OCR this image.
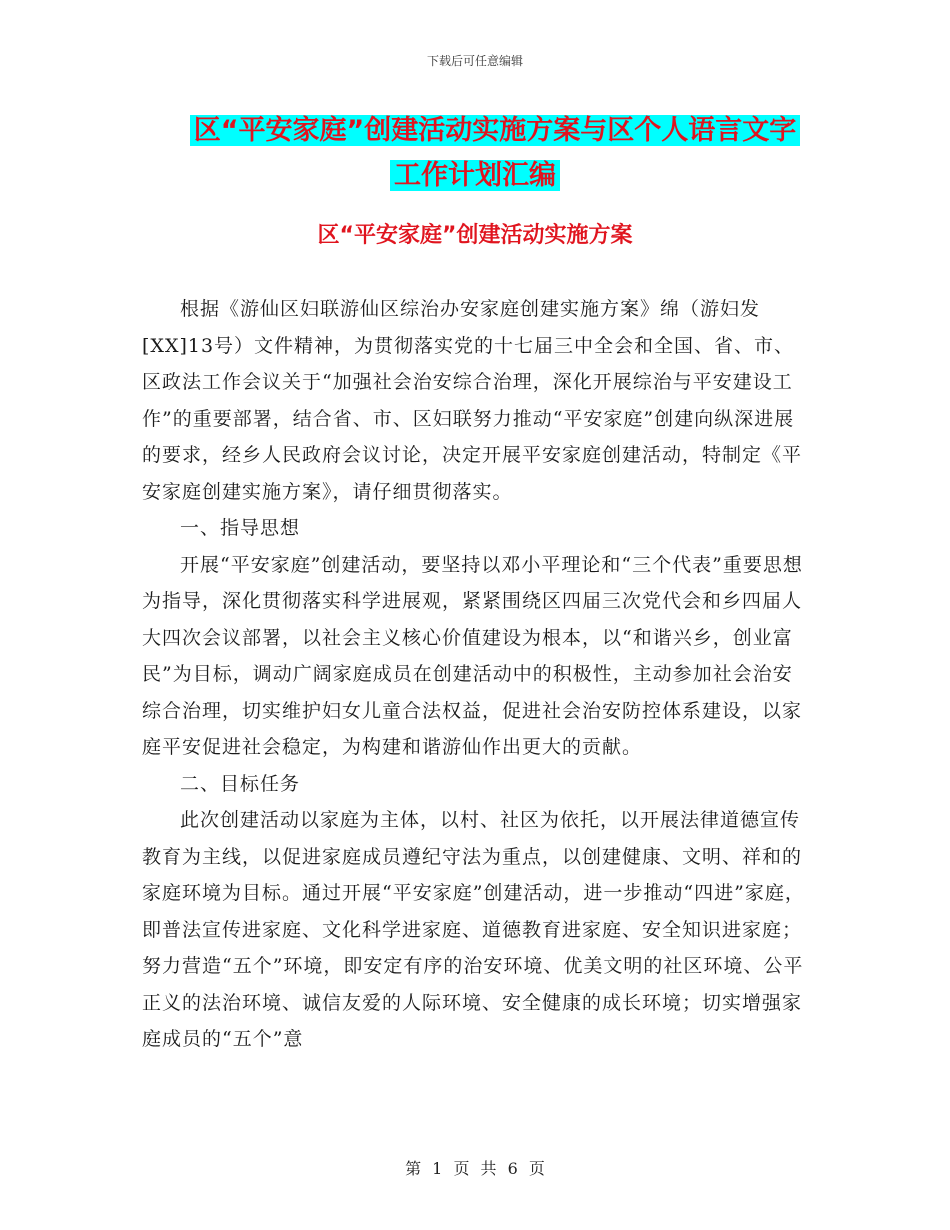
下载后可任意编辑
区“平安家庭”创建活动实施方案与区个人语言文字
工作计划汇编
区“平安家庭”创建活动实施方案

根据《游仙区妇联游仙区综治办安家庭创建实施方案》绵（游妇发[XX]13号）文件精神，为贯彻落实党的十七届三中全会和全国、省、市、区政法工作会议关于“加强社会治安综合治理，深化开展综治与平安建设工作”的重要部署，结合省、市、区妇联努力推动“平安家庭”创建向纵深进展的要求，经乡人民政府会议讨论，决定开展平安家庭创建活动，特制定《平安家庭创建实施方案》，请仔细贯彻落实。

一、指导思想

开展“平安家庭”创建活动，要坚持以邓小平理论和“三个代表”重要思想为指导，深化贯彻落实科学进展观，紧紧围绕区四届三次党代会和乡四届人大四次会议部署，以社会主义核心价值建设为根本，以“和谐兴乡，创业富民”为目标，调动广阔家庭成员在创建活动中的积极性，主动参加社会治安综合治理，切实维护妇女儿童合法权益，促进社会治安防控体系建设，以家庭平安促进社会稳定，为构建和谐游仙作出更大的贡献。

二、目标任务

此次创建活动以家庭为主体，以村、社区为依托，以开展法律道德宣传教育为主线，以促进家庭成员遵纪守法为重点，以创建健康、文明、祥和的家庭环境为目标。通过开展“平安家庭”创建活动，进一步推动“四进”家庭，即普法宣传进家庭、文化科学进家庭、道德教育进家庭、安全知识进家庭；努力营造“五个”环境，即安定有序的治安环境、优美文明的社区环境、公平正义的法治环境、诚信友爱的人际环境、安全健康的成长环境；切实增强家庭成员的“五个”意

第 1 页 共 6 页
